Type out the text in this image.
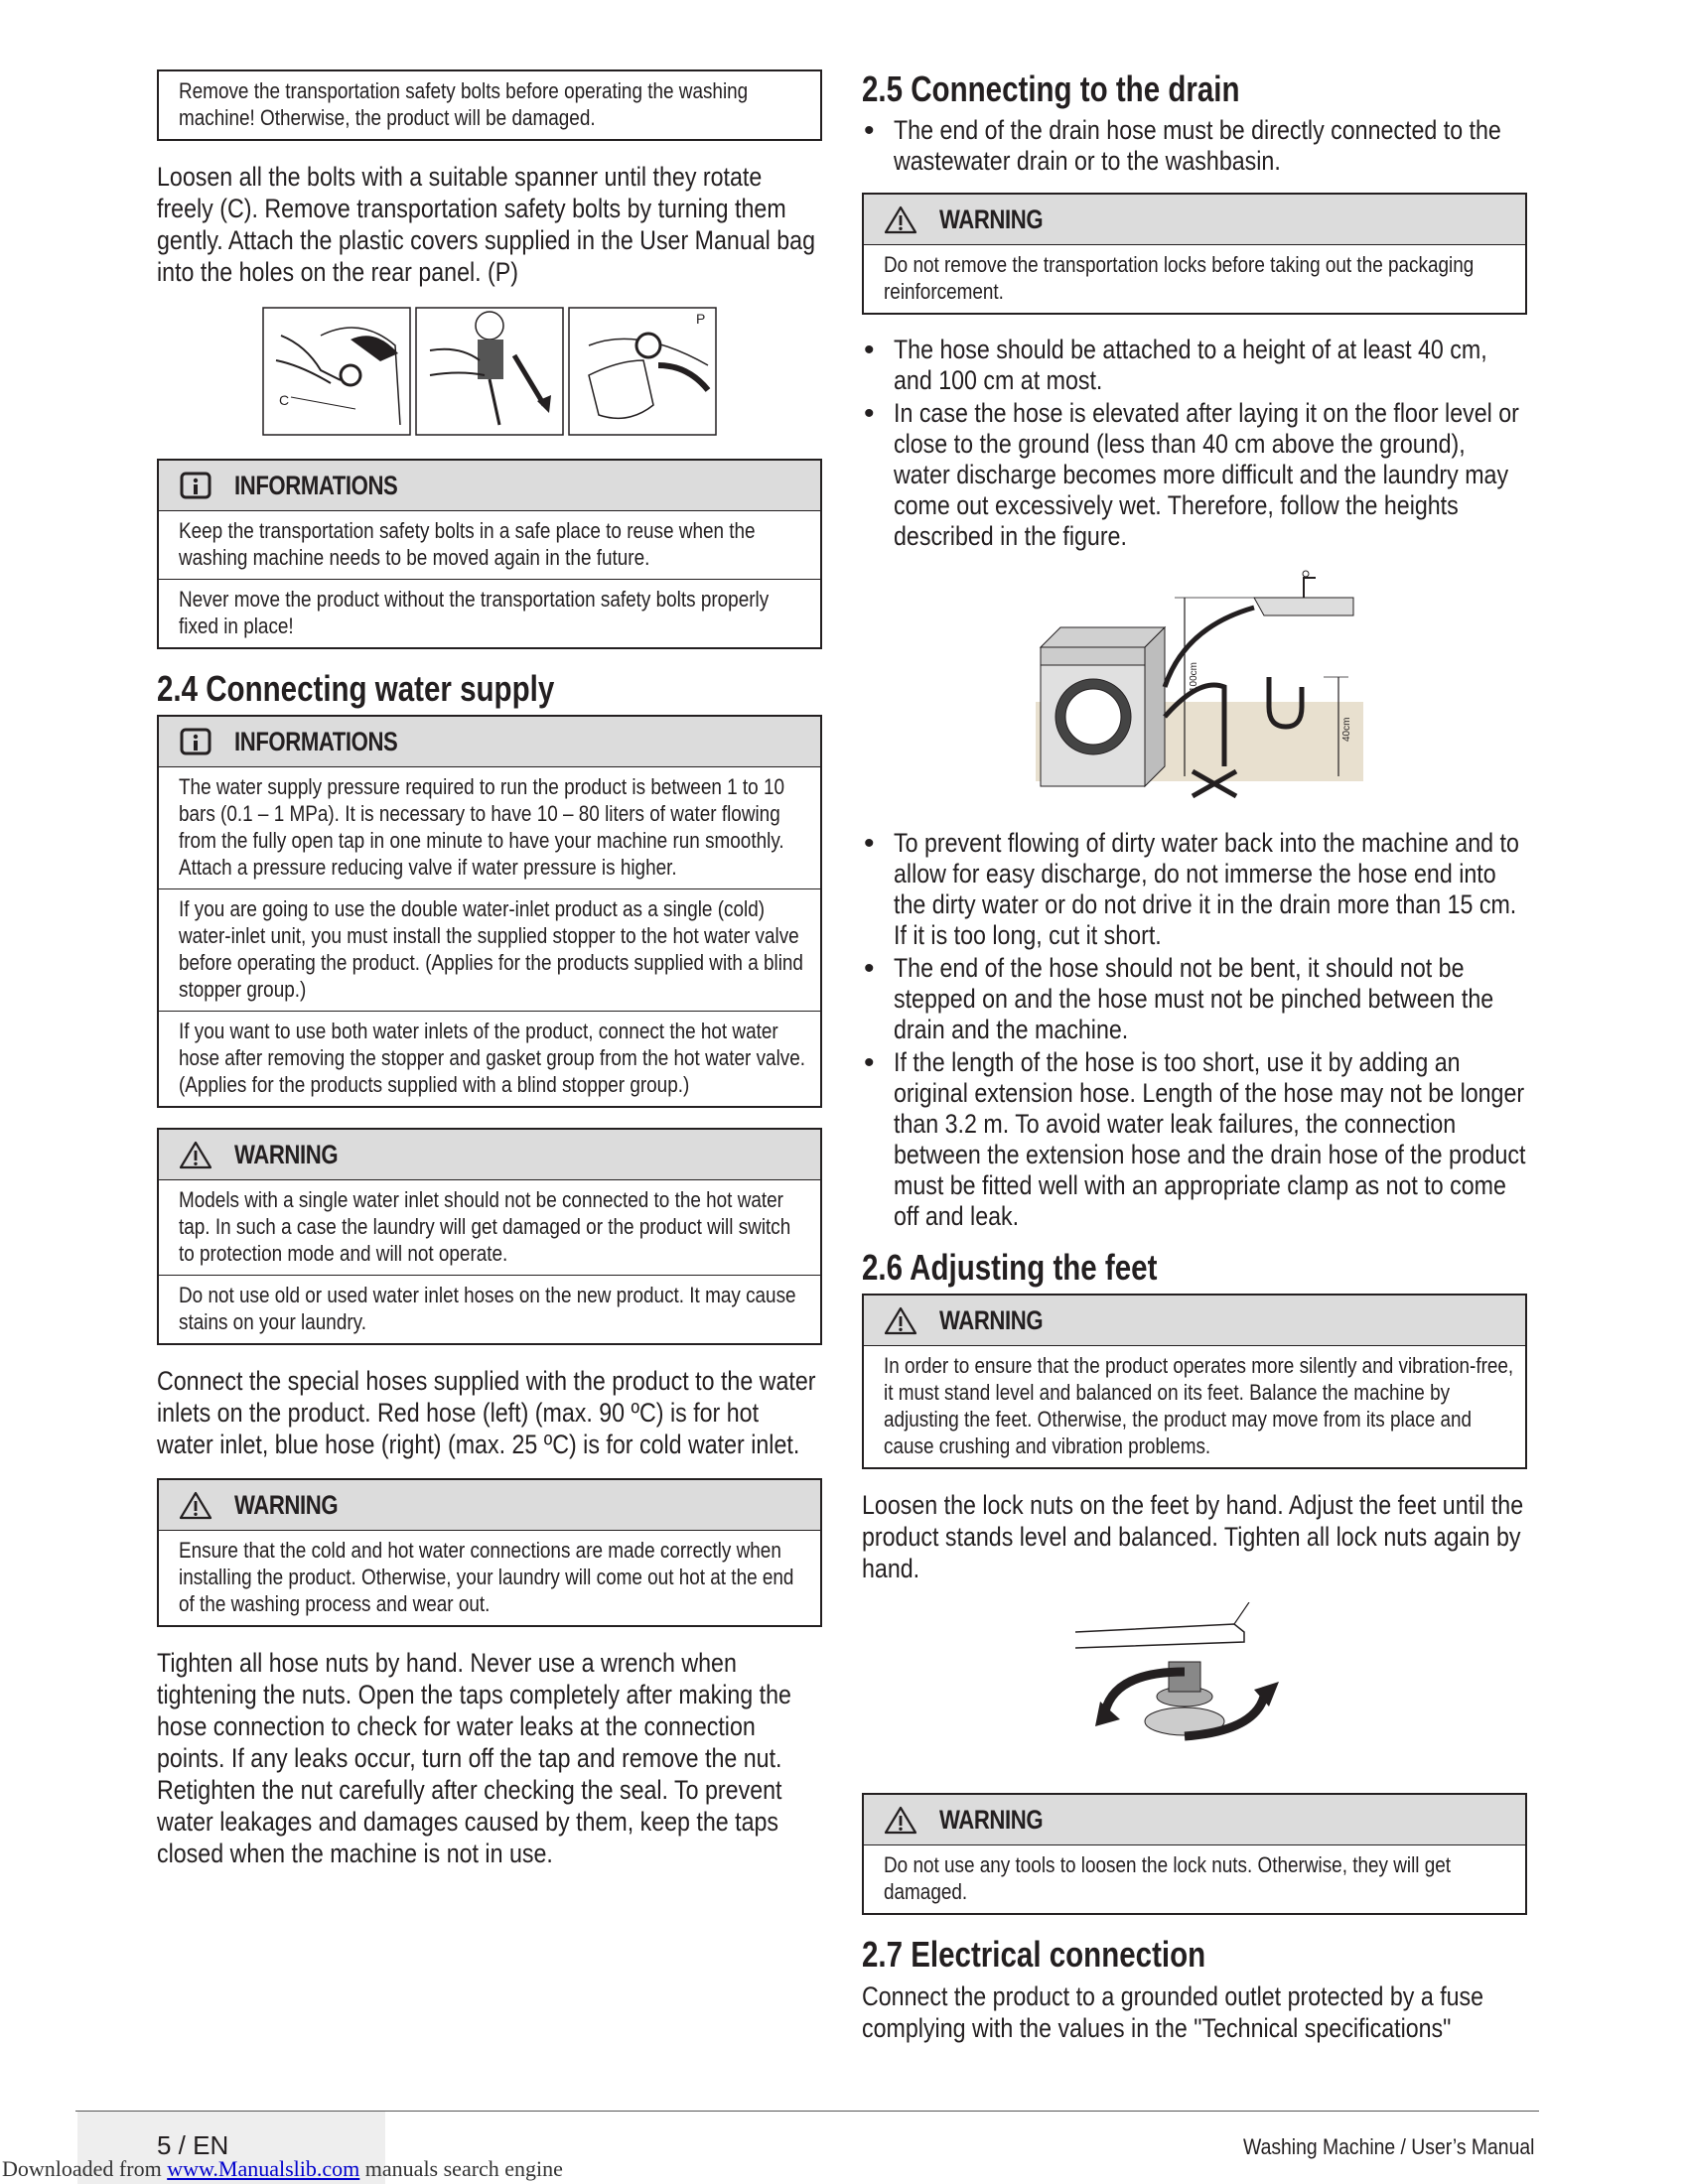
Remove the transportation safety bolts before operating the washing machine! Otherwise, the product will be damaged.

Loosen all the bolts with a suitable spanner until they rotate freely (C). Remove transportation safety bolts by turning them gently. Attach the plastic covers supplied in the User Manual bag into the holes on the rear panel. (P)

C
P
INFORMATIONS
Keep the transportation safety bolts in a safe place to reuse when the washing machine needs to be moved again in the future.
Never move the product without the transportation safety bolts properly fixed in place!
2.4 Connecting water supply
INFORMATIONS
The water supply pressure required to run the product is between 1 to 10 bars (0.1 – 1 MPa). It is necessary to have 10 – 80 liters of water flowing from the fully open tap in one minute to have your machine run smoothly. Attach a pressure reducing valve if water pressure is higher.
If you are going to use the double water-inlet product as a single (cold) water-inlet unit, you must install the supplied stopper to the hot water valve before operating the product. (Applies for the products supplied with a blind stopper group.)
If you want to use both water inlets of the product, connect the hot water hose after removing the stopper and gasket group from the hot water valve. (Applies for the products supplied with a blind stopper group.)
WARNING
Models with a single water inlet should not be connected to the hot water tap. In such a case the laundry will get damaged or the product will switch to protection mode and will not operate.
Do not use old or used water inlet hoses on the new product. It may cause stains on your laundry.

Connect the special hoses supplied with the product to the water inlets on the product. Red hose (left) (max. 90 ºC) is for hot water inlet, blue hose (right) (max. 25 ºC) is for cold water inlet.

WARNING
Ensure that the cold and hot water connections are made correctly when installing the product. Otherwise, your laundry will come out hot at the end of the washing process and wear out.

Tighten all hose nuts by hand. Never use a wrench when tightening the nuts. Open the taps completely after making the hose connection to check for water leaks at the connection points. If any leaks occur, turn off the tap and remove the nut. Retighten the nut carefully after checking the seal. To prevent water leakages and damages caused by them, keep the taps closed when the machine is not in use.

2.5 Connecting to the drain
• The end of the drain hose must be directly connected to the wastewater drain or to the washbasin.
WARNING
Do not remove the transportation locks before taking out the packaging reinforcement.
• The hose should be attached to a height of at least 40 cm, and 100 cm at most.
• In case the hose is elevated after laying it on the floor level or close to the ground (less than 40 cm above the ground), water discharge becomes more difficult and the laundry may come out excessively wet. Therefore, follow the heights described in the figure.
100cm
40cm
• To prevent flowing of dirty water back into the machine and to allow for easy discharge, do not immerse the hose end into the dirty water or do not drive it in the drain more than 15 cm. If it is too long, cut it short.
• The end of the hose should not be bent, it should not be stepped on and the hose must not be pinched between the drain and the machine.
• If the length of the hose is too short, use it by adding an original extension hose. Length of the hose may not be longer than 3.2 m. To avoid water leak failures, the connection between the extension hose and the drain hose of the product must be fitted well with an appropriate clamp as not to come off and leak.
2.6 Adjusting the feet
WARNING
In order to ensure that the product operates more silently and vibration-free, it must stand level and balanced on its feet. Balance the machine by adjusting the feet. Otherwise, the product may move from its place and cause crushing and vibration problems.

Loosen the lock nuts on the feet by hand. Adjust the feet until the product stands level and balanced. Tighten all lock nuts again by hand.

WARNING
Do not use any tools to loosen the lock nuts. Otherwise, they will get damaged.
2.7 Electrical connection

Connect the product to a grounded outlet protected by a fuse complying with the values in the "Technical specifications"

5 / EN	Washing Machine / User’s Manual
Downloaded from www.Manualslib.com manuals search engine
